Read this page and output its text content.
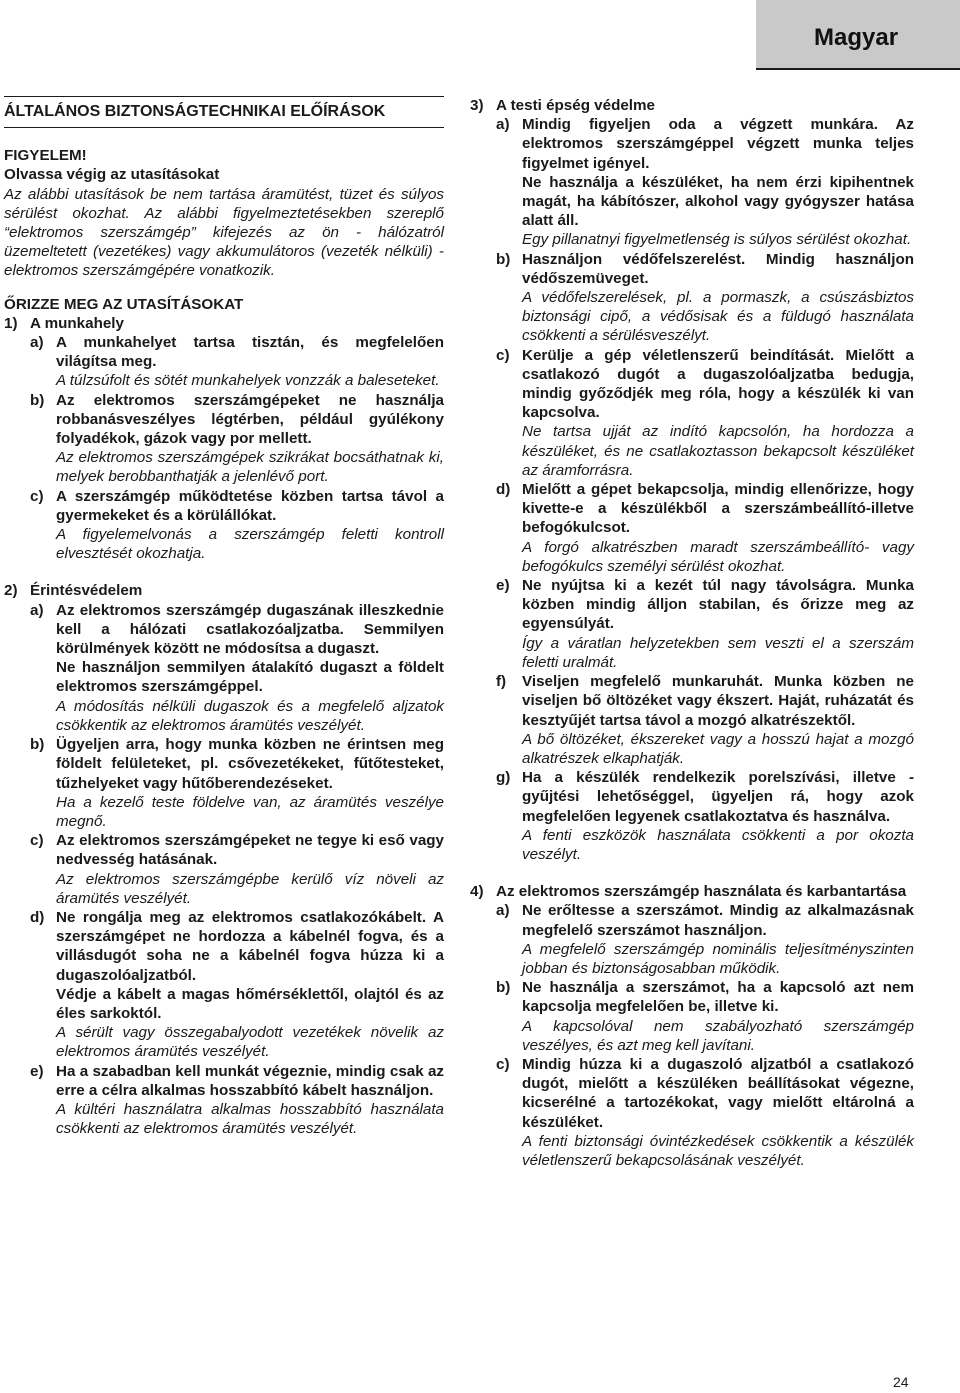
Magyar
ÁLTALÁNOS BIZTONSÁGTECHNIKAI ELŐÍRÁSOK

FIGYELEM!

Olvassa végig az utasításokat

Az alábbi utasítások be nem tartása áramütést, tüzet és súlyos sérülést okozhat. Az alábbi figyelmeztetésekben szereplő “elektromos szerszámgép” kifejezés az ön - hálózatról üzemeltetett (vezetékes) vagy akkumulátoros (vezeték nélküli) - elektromos szerszámgépére vonatkozik.

ŐRIZZE MEG AZ UTASÍTÁSOKAT

1) A munkahely
a) A munkahelyet tartsa tisztán, és megfelelően világítsa meg.

A túlzsúfolt és sötét munkahelyek vonzzák a baleseteket.

b) Az elektromos szerszámgépeket ne használja robbanásveszélyes légtérben, például gyúlékony folyadékok, gázok vagy por mellett.

Az elektromos szerszámgépek szikrákat bocsáthatnak ki, melyek berobbanthatják a jelenlévő port.

c) A szerszámgép működtetése közben tartsa távol a gyermekeket és a körülállókat.

A figyelemelvonás a szerszámgép feletti kontroll elvesztését okozhatja.

2) Érintésvédelem
a) Az elektromos szerszámgép dugaszának illeszkednie kell a hálózati csatlakozóaljzatba. Semmilyen körülmények között ne módosítsa a dugaszt.

Ne használjon semmilyen átalakító dugaszt a földelt elektromos szerszámgéppel.

A módosítás nélküli dugaszok és a megfelelő aljzatok csökkentik az elektromos áramütés veszélyét.

b) Ügyeljen arra, hogy munka közben ne érintsen meg földelt felületeket, pl. csővezetékeket, fűtőtesteket, tűzhelyeket vagy hűtőberendezéseket.

Ha a kezelő teste földelve van, az áramütés veszélye megnő.

c) Az elektromos szerszámgépeket ne tegye ki eső vagy nedvesség hatásának.

Az elektromos szerszámgépbe kerülő víz növeli az áramütés veszélyét.

d) Ne rongálja meg az elektromos csatlakozókábelt. A szerszámgépet ne hordozza a kábelnél fogva, és a villásdugót soha ne a kábelnél fogva húzza ki a dugaszolóaljzatból.

Védje a kábelt a magas hőmérséklettől, olajtól és az éles sarkoktól.

A sérült vagy összegabalyodott vezetékek növelik az elektromos áramütés veszélyét.

e) Ha a szabadban kell munkát végeznie, mindig csak az erre a célra alkalmas hosszabbító kábelt használjon.

A kültéri használatra alkalmas hosszabbító használata csökkenti az elektromos áramütés veszélyét.

3) A testi épség védelme
a) Mindig figyeljen oda a végzett munkára. Az elektromos szerszámgéppel végzett munka teljes figyelmet igényel.

Ne használja a készüléket, ha nem érzi kipihentnek magát, ha kábítószer, alkohol vagy gyógyszer hatása alatt áll.

Egy pillanatnyi figyelmetlenség is súlyos sérülést okozhat.

b) Használjon védőfelszerelést. Mindig használjon védőszemüveget.

A védőfelszerelések, pl. a pormaszk, a csúszásbiztos biztonsági cipő, a védősisak és a füldugó használata csökkenti a sérülésveszélyt.

c) Kerülje a gép véletlenszerű beindítását. Mielőtt a csatlakozó dugót a dugaszolóaljzatba bedugja, mindig győződjék meg róla, hogy a készülék ki van kapcsolva.

Ne tartsa ujját az indító kapcsolón, ha hordozza a készüléket, és ne csatlakoztasson bekapcsolt készüléket az áramforrásra.

d) Mielőtt a gépet bekapcsolja, mindig ellenőrizze, hogy kivette-e a készülékből a szerszámbeállító-illetve befogókulcsot.

A forgó alkatrészben maradt szerszámbeállító- vagy befogókulcs személyi sérülést okozhat.

e) Ne nyújtsa ki a kezét túl nagy távolságra. Munka közben mindig álljon stabilan, és őrizze meg az egyensúlyát.

Így a váratlan helyzetekben sem veszti el a szerszám feletti uralmát.

f)	Viseljen megfelelő munkaruhát. Munka közben ne viseljen bő öltözéket vagy ékszert. Haját, ruházatát és kesztyűjét tartsa távol a mozgó alkatrészektől.

A bő öltözéket, ékszereket vagy a hosszú hajat a mozgó alkatrészek elkaphatják.

g) Ha a készülék rendelkezik porelszívási, illetve - gyűjtési lehetőséggel, ügyeljen rá, hogy azok megfelelően legyenek csatlakoztatva és használva.

A fenti eszközök használata csökkenti a por okozta veszélyt.

4) Az elektromos szerszámgép használata és karbantartása
a) Ne erőltesse a szerszámot. Mindig az alkalmazásnak megfelelő szerszámot használjon.

A megfelelő szerszámgép nominális teljesítményszinten jobban és biztonságosabban működik.

b) Ne használja a szerszámot, ha a kapcsoló azt nem kapcsolja megfelelően be, illetve ki.

A kapcsolóval nem szabályozható szerszámgép veszélyes, és azt meg kell javítani.

c) Mindig húzza ki a dugaszoló aljzatból a csatlakozó dugót, mielőtt a készüléken beállításokat végezne, kicserélné a tartozékokat, vagy mielőtt eltárolná a készüléket.

A fenti biztonsági óvintézkedések csökkentik a készülék véletlenszerű bekapcsolásának veszélyét.

24
